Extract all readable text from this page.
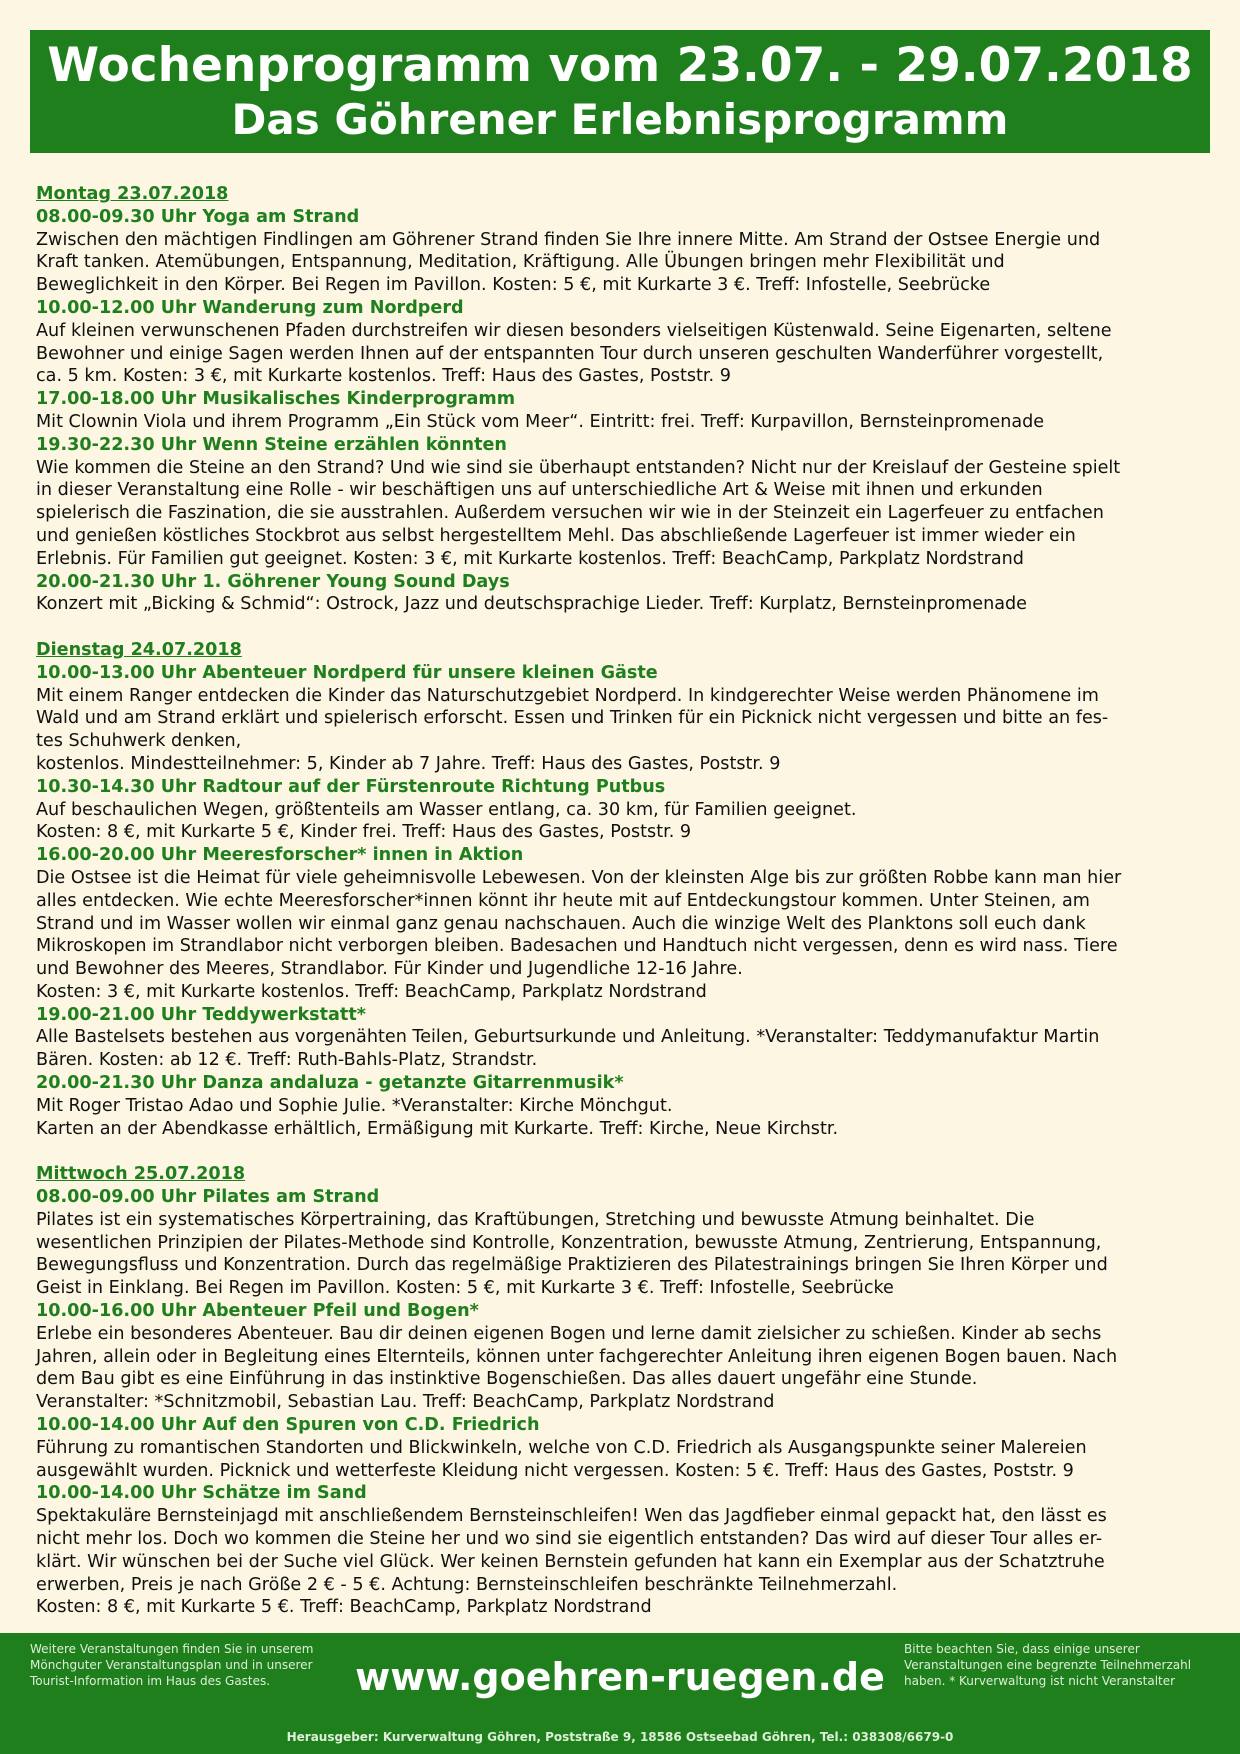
Wochenprogramm vom 23.07. - 29.07.2018
Das Göhrener Erlebnisprogramm
Montag 23.07.2018
08.00-09.30 Uhr Yoga am Strand
Zwischen den mächtigen Findlingen am Göhrener Strand finden Sie Ihre innere Mitte. Am Strand der Ostsee Energie und
Kraft tanken. Atemübungen, Entspannung, Meditation, Kräftigung. Alle Übungen bringen mehr Flexibilität und
Beweglichkeit in den Körper. Bei Regen im Pavillon. Kosten: 5 €, mit Kurkarte 3 €. Treff: Infostelle, Seebrücke
10.00-12.00 Uhr Wanderung zum Nordperd
Auf kleinen verwunschenen Pfaden durchstreifen wir diesen besonders vielseitigen Küstenwald. Seine Eigenarten, seltene
Bewohner und einige Sagen werden Ihnen auf der entspannten Tour durch unseren geschulten Wanderführer vorgestellt,
ca. 5 km. Kosten: 3 €, mit Kurkarte kostenlos. Treff: Haus des Gastes, Poststr. 9
17.00-18.00 Uhr Musikalisches Kinderprogramm
Mit Clownin Viola und ihrem Programm „Ein Stück vom Meer“. Eintritt: frei. Treff: Kurpavillon, Bernsteinpromenade
19.30-22.30 Uhr Wenn Steine erzählen könnten
Wie kommen die Steine an den Strand? Und wie sind sie überhaupt entstanden? Nicht nur der Kreislauf der Gesteine spielt
in dieser Veranstaltung eine Rolle - wir beschäftigen uns auf unterschiedliche Art & Weise mit ihnen und erkunden
spielerisch die Faszination, die sie ausstrahlen. Außerdem versuchen wir wie in der Steinzeit ein Lagerfeuer zu entfachen
und genießen köstliches Stockbrot aus selbst hergestelltem Mehl. Das abschließende Lagerfeuer ist immer wieder ein
Erlebnis. Für Familien gut geeignet. Kosten: 3 €, mit Kurkarte kostenlos. Treff: BeachCamp, Parkplatz Nordstrand
20.00-21.30 Uhr 1. Göhrener Young Sound Days
Konzert mit „Bicking & Schmid“: Ostrock, Jazz und deutschsprachige Lieder. Treff: Kurplatz, Bernsteinpromenade
Dienstag 24.07.2018
10.00-13.00 Uhr Abenteuer Nordperd für unsere kleinen Gäste
Mit einem Ranger entdecken die Kinder das Naturschutzgebiet Nordperd. In kindgerechter Weise werden Phänomene im
Wald und am Strand erklärt und spielerisch erforscht. Essen und Trinken für ein Picknick nicht vergessen und bitte an fes-
tes Schuhwerk denken,
kostenlos. Mindestteilnehmer: 5, Kinder ab 7 Jahre. Treff: Haus des Gastes, Poststr. 9
10.30-14.30 Uhr Radtour auf der Fürstenroute Richtung Putbus
Auf beschaulichen Wegen, größtenteils am Wasser entlang, ca. 30 km, für Familien geeignet.
Kosten: 8 €, mit Kurkarte 5 €, Kinder frei. Treff: Haus des Gastes, Poststr. 9
16.00-20.00 Uhr Meeresforscher* innen in Aktion
Die Ostsee ist die Heimat für viele geheimnisvolle Lebewesen. Von der kleinsten Alge bis zur größten Robbe kann man hier
alles entdecken. Wie echte Meeresforscher*innen könnt ihr heute mit auf Entdeckungstour kommen. Unter Steinen, am
Strand und im Wasser wollen wir einmal ganz genau nachschauen. Auch die winzige Welt des Planktons soll euch dank
Mikroskopen im Strandlabor nicht verborgen bleiben. Badesachen und Handtuch nicht vergessen, denn es wird nass. Tiere
und Bewohner des Meeres, Strandlabor. Für Kinder und Jugendliche 12-16 Jahre.
Kosten: 3 €, mit Kurkarte kostenlos. Treff: BeachCamp, Parkplatz Nordstrand
19.00-21.00 Uhr Teddywerkstatt*
Alle Bastelsets bestehen aus vorgenähten Teilen, Geburtsurkunde und Anleitung. *Veranstalter: Teddymanufaktur Martin
Bären. Kosten: ab 12 €. Treff: Ruth-Bahls-Platz, Strandstr.
20.00-21.30 Uhr Danza andaluza - getanzte Gitarrenmusik*
Mit Roger Tristao Adao und Sophie Julie. *Veranstalter: Kirche Mönchgut.
Karten an der Abendkasse erhältlich, Ermäßigung mit Kurkarte. Treff: Kirche, Neue Kirchstr.
Mittwoch 25.07.2018
08.00-09.00 Uhr Pilates am Strand
Pilates ist ein systematisches Körpertraining, das Kraftübungen, Stretching und bewusste Atmung beinhaltet. Die
wesentlichen Prinzipien der Pilates-Methode sind Kontrolle, Konzentration, bewusste Atmung, Zentrierung, Entspannung,
Bewegungsfluss und Konzentration. Durch das regelmäßige Praktizieren des Pilatestrainings bringen Sie Ihren Körper und
Geist in Einklang. Bei Regen im Pavillon. Kosten: 5 €, mit Kurkarte 3 €. Treff: Infostelle, Seebrücke
10.00-16.00 Uhr Abenteuer Pfeil und Bogen*
Erlebe ein besonderes Abenteuer. Bau dir deinen eigenen Bogen und lerne damit zielsicher zu schießen. Kinder ab sechs
Jahren, allein oder in Begleitung eines Elternteils, können unter fachgerechter Anleitung ihren eigenen Bogen bauen. Nach
dem Bau gibt es eine Einführung in das instinktive Bogenschießen. Das alles dauert ungefähr eine Stunde.
Veranstalter: *Schnitzmobil, Sebastian Lau. Treff: BeachCamp, Parkplatz Nordstrand
10.00-14.00 Uhr Auf den Spuren von C.D. Friedrich
Führung zu romantischen Standorten und Blickwinkeln, welche von C.D. Friedrich als Ausgangspunkte seiner Malereien
ausgewählt wurden. Picknick und wetterfeste Kleidung nicht vergessen. Kosten: 5 €. Treff: Haus des Gastes, Poststr. 9
10.00-14.00 Uhr Schätze im Sand
Spektakuläre Bernsteinjagd mit anschließendem Bernsteinschleifen! Wen das Jagdfieber einmal gepackt hat, den lässt es
nicht mehr los. Doch wo kommen die Steine her und wo sind sie eigentlich entstanden? Das wird auf dieser Tour alles er-
klärt. Wir wünschen bei der Suche viel Glück. Wer keinen Bernstein gefunden hat kann ein Exemplar aus der Schatztruhe
erwerben, Preis je nach Größe 2 € - 5 €. Achtung: Bernsteinschleifen beschränkte Teilnehmerzahl.
Kosten: 8 €, mit Kurkarte 5 €. Treff: BeachCamp, Parkplatz Nordstrand
Weitere Veranstaltungen finden Sie in unserem
Mönchguter Veranstaltungsplan und in unserer
Tourist-Information im Haus des Gastes.	www.goehren-ruegen.de
Bitte beachten Sie, dass einige unserer
Veranstaltungen eine begrenzte Teilnehmerzahl
haben. * Kurverwaltung ist nicht Veranstalter
Herausgeber: Kurverwaltung Göhren, Poststraße 9, 18586 Ostseebad Göhren, Tel.: 038308/6679-0
